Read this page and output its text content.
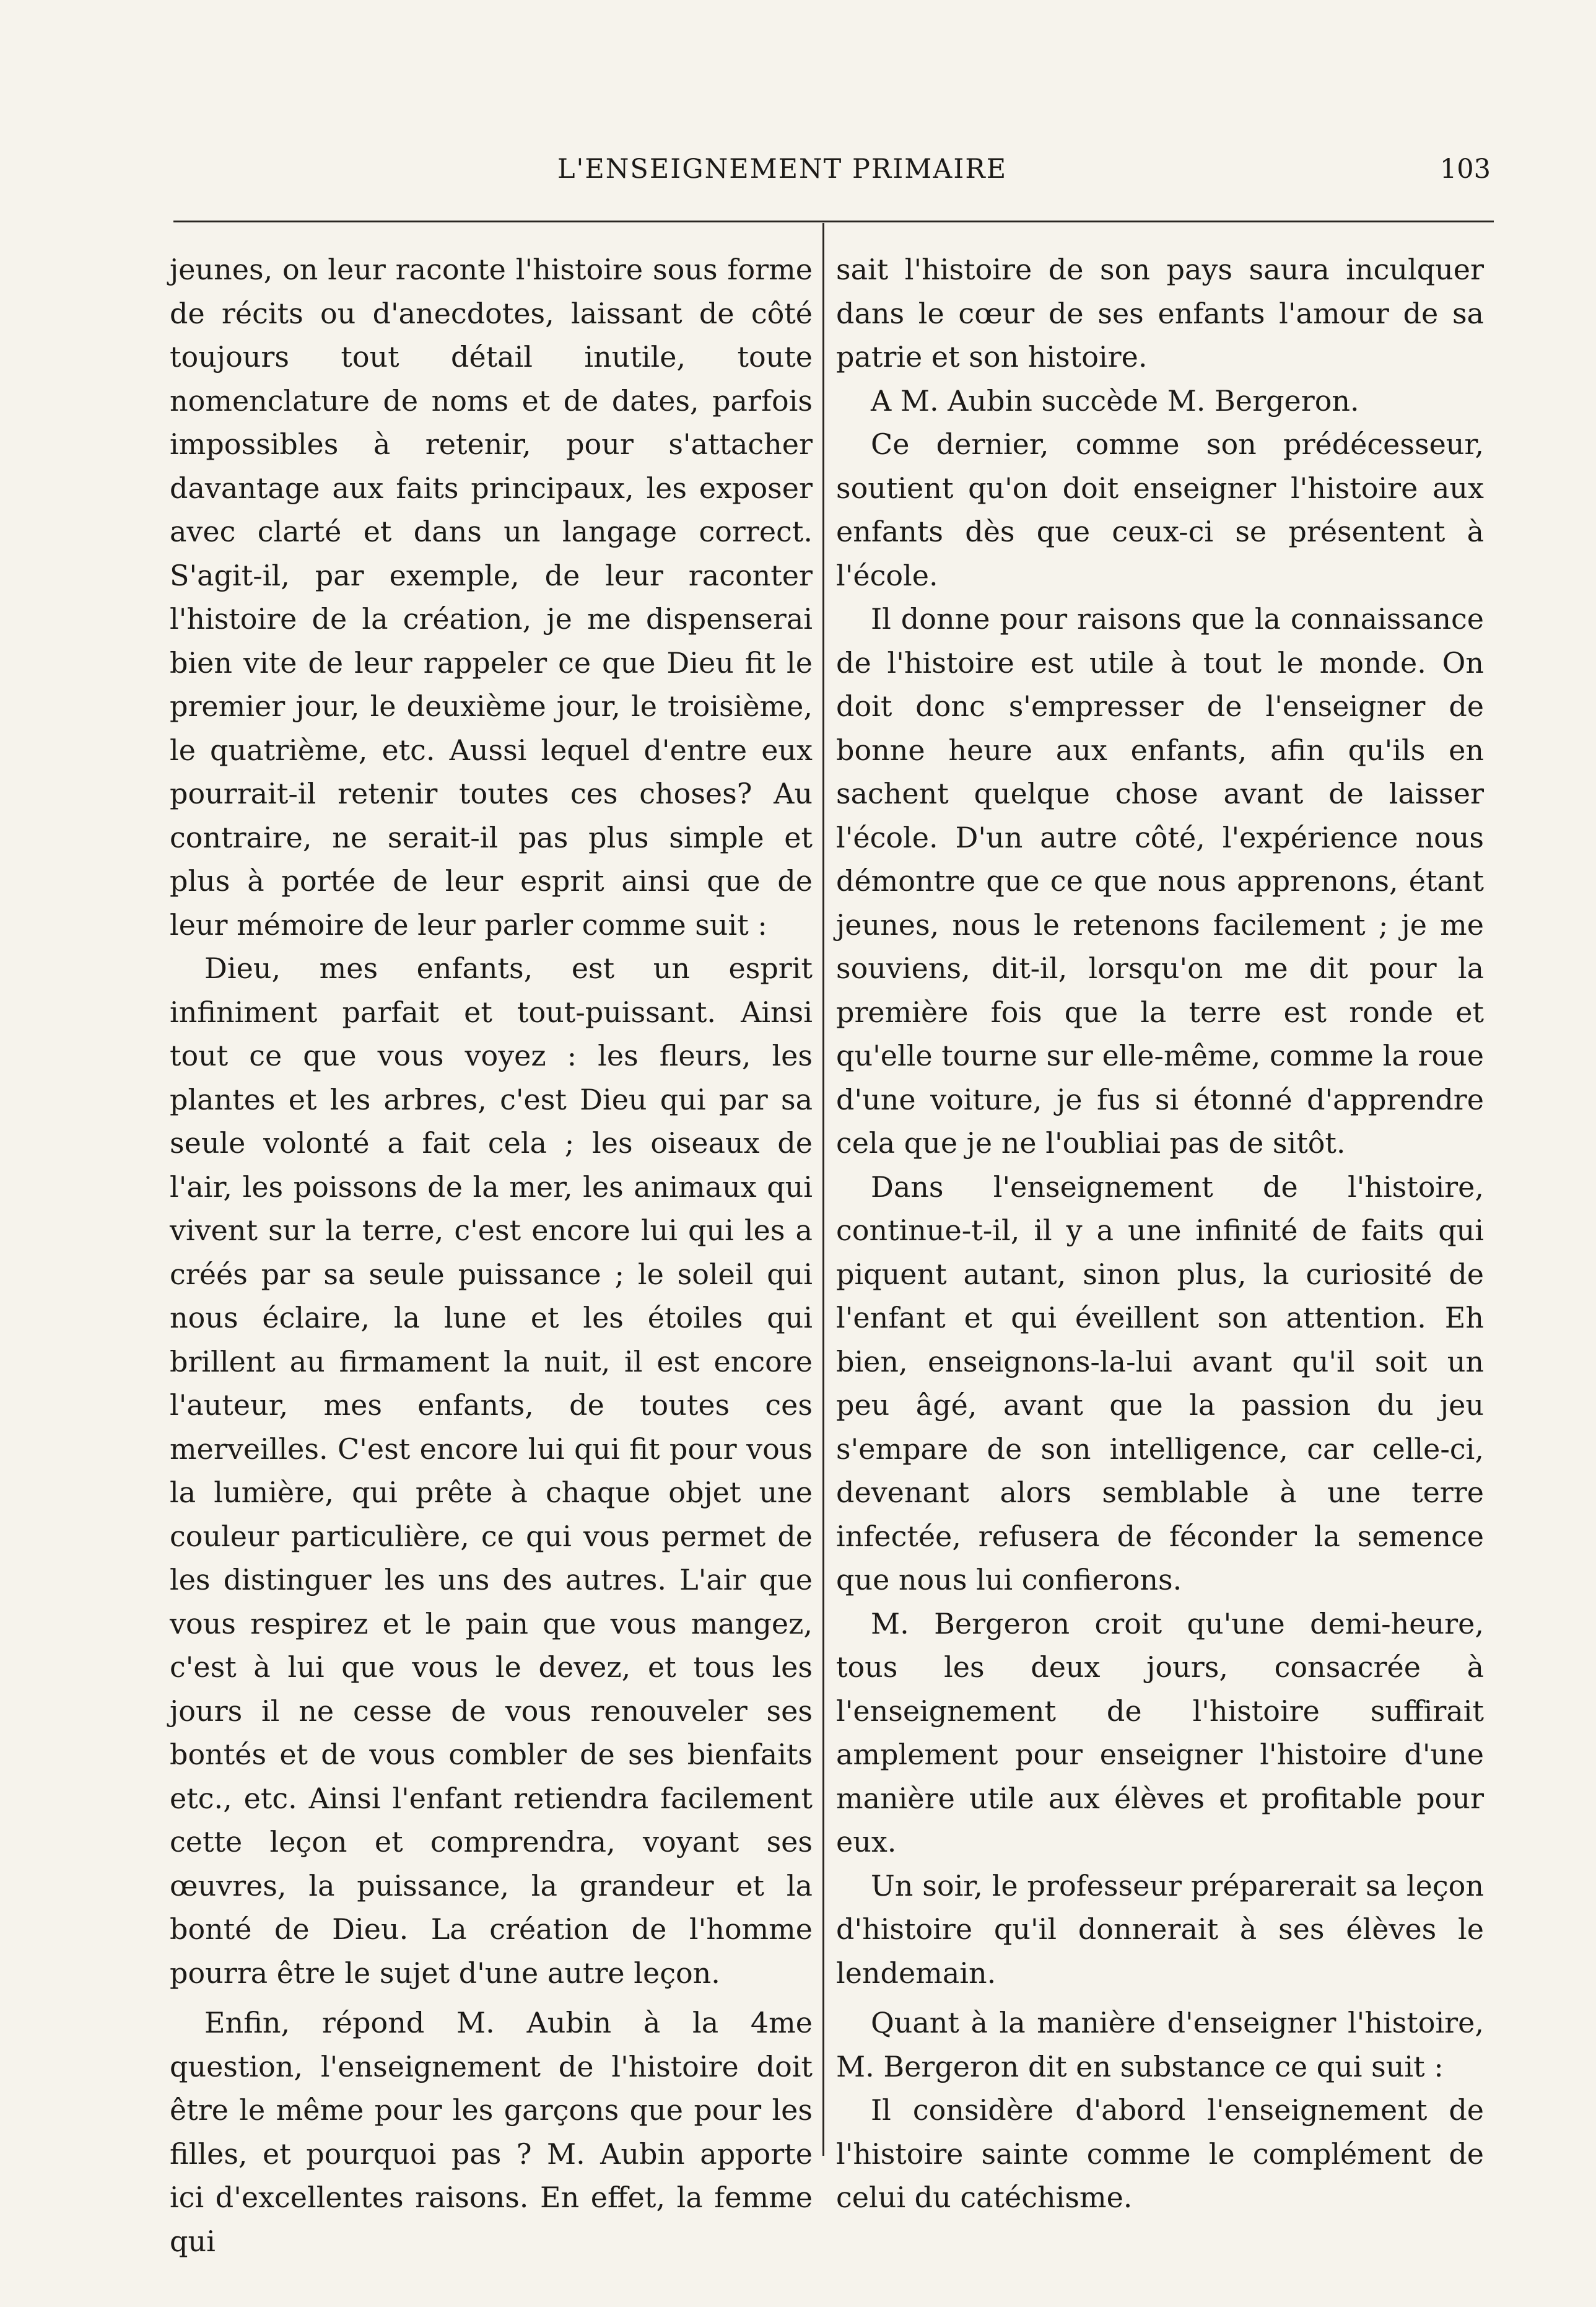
L'ENSEIGNEMENT PRIMAIRE	103

jeunes, on leur raconte l'histoire sous forme de récits ou d'anecdotes, laissant de côté toujours tout détail inutile, toute nomenclature de noms et de dates, parfois impossibles à retenir, pour s'attacher davantage aux faits principaux, les exposer avec clarté et dans un langage correct. S'agit-il, par exemple, de leur raconter l'histoire de la création, je me dispenserai bien vite de leur rappeler ce que Dieu fit le premier jour, le deuxième jour, le troisième, le quatrième, etc. Aussi lequel d'entre eux pourrait-il retenir toutes ces choses? Au contraire, ne serait-il pas plus simple et plus à portée de leur esprit ainsi que de leur mémoire de leur parler comme suit :

Dieu, mes enfants, est un esprit infiniment parfait et tout-puissant. Ainsi tout ce que vous voyez : les fleurs, les plantes et les arbres, c'est Dieu qui par sa seule volonté a fait cela ; les oiseaux de l'air, les poissons de la mer, les animaux qui vivent sur la terre, c'est encore lui qui les a créés par sa seule puissance ; le soleil qui nous éclaire, la lune et les étoiles qui brillent au firmament la nuit, il est encore l'auteur, mes enfants, de toutes ces merveilles. C'est encore lui qui fit pour vous la lumière, qui prête à chaque objet une couleur particulière, ce qui vous permet de les distinguer les uns des autres. L'air que vous respirez et le pain que vous mangez, c'est à lui que vous le devez, et tous les jours il ne cesse de vous renouveler ses bontés et de vous combler de ses bienfaits etc., etc. Ainsi l'enfant retiendra facilement cette leçon et comprendra, voyant ses œuvres, la puissance, la grandeur et la bonté de Dieu. La création de l'homme pourra être le sujet d'une autre leçon.

Enfin, répond M. Aubin à la 4me question, l'enseignement de l'histoire doit être le même pour les garçons que pour les filles, et pourquoi pas ? M. Aubin apporte ici d'excellentes raisons. En effet, la femme qui

sait l'histoire de son pays saura inculquer dans le cœur de ses enfants l'amour de sa patrie et son histoire.

A M. Aubin succède M. Bergeron.

Ce dernier, comme son prédécesseur, soutient qu'on doit enseigner l'histoire aux enfants dès que ceux-ci se présentent à l'école.

Il donne pour raisons que la connaissance de l'histoire est utile à tout le monde. On doit donc s'empresser de l'enseigner de bonne heure aux enfants, afin qu'ils en sachent quelque chose avant de laisser l'école. D'un autre côté, l'expérience nous démontre que ce que nous apprenons, étant jeunes, nous le retenons facilement ; je me souviens, dit-il, lorsqu'on me dit pour la première fois que la terre est ronde et qu'elle tourne sur elle-même, comme la roue d'une voiture, je fus si étonné d'apprendre cela que je ne l'oubliai pas de sitôt.

Dans l'enseignement de l'histoire, continue-t-il, il y a une infinité de faits qui piquent autant, sinon plus, la curiosité de l'enfant et qui éveillent son attention. Eh bien, enseignons-la-lui avant qu'il soit un peu âgé, avant que la passion du jeu s'empare de son intelligence, car celle-ci, devenant alors semblable à une terre infectée, refusera de féconder la semence que nous lui confierons.

M. Bergeron croit qu'une demi-heure, tous les deux jours, consacrée à l'enseignement de l'histoire suffirait amplement pour enseigner l'histoire d'une manière utile aux élèves et profitable pour eux.

Un soir, le professeur préparerait sa leçon d'histoire qu'il donnerait à ses élèves le lendemain.

Quant à la manière d'enseigner l'histoire, M. Bergeron dit en substance ce qui suit :

Il considère d'abord l'enseignement de l'histoire sainte comme le complément de celui du catéchisme.
